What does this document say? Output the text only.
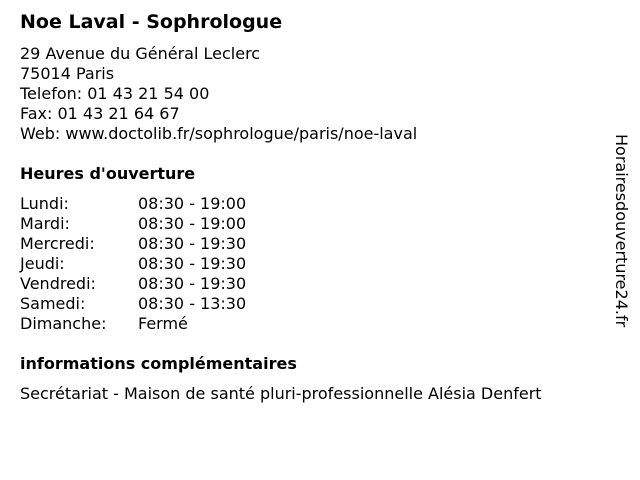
Noe Laval - Sophrologue
29 Avenue du Général Leclerc
75014 Paris
Telefon: 01 43 21 54 00
Fax: 01 43 21 64 67
Web: www.doctolib.fr/sophrologue/paris/noe-laval
Heures d'ouverture
Lundi:	08:30 - 19:00
Mardi:	08:30 - 19:00
Mercredi:	08:30 - 19:30
Jeudi:	08:30 - 19:30
Vendredi:	08:30 - 19:30
Samedi:	08:30 - 13:30
Dimanche:	Fermé
informations complémentaires
Secrétariat - Maison de santé pluri-professionnelle Alésia Denfert
Horairesdouverture24.fr
